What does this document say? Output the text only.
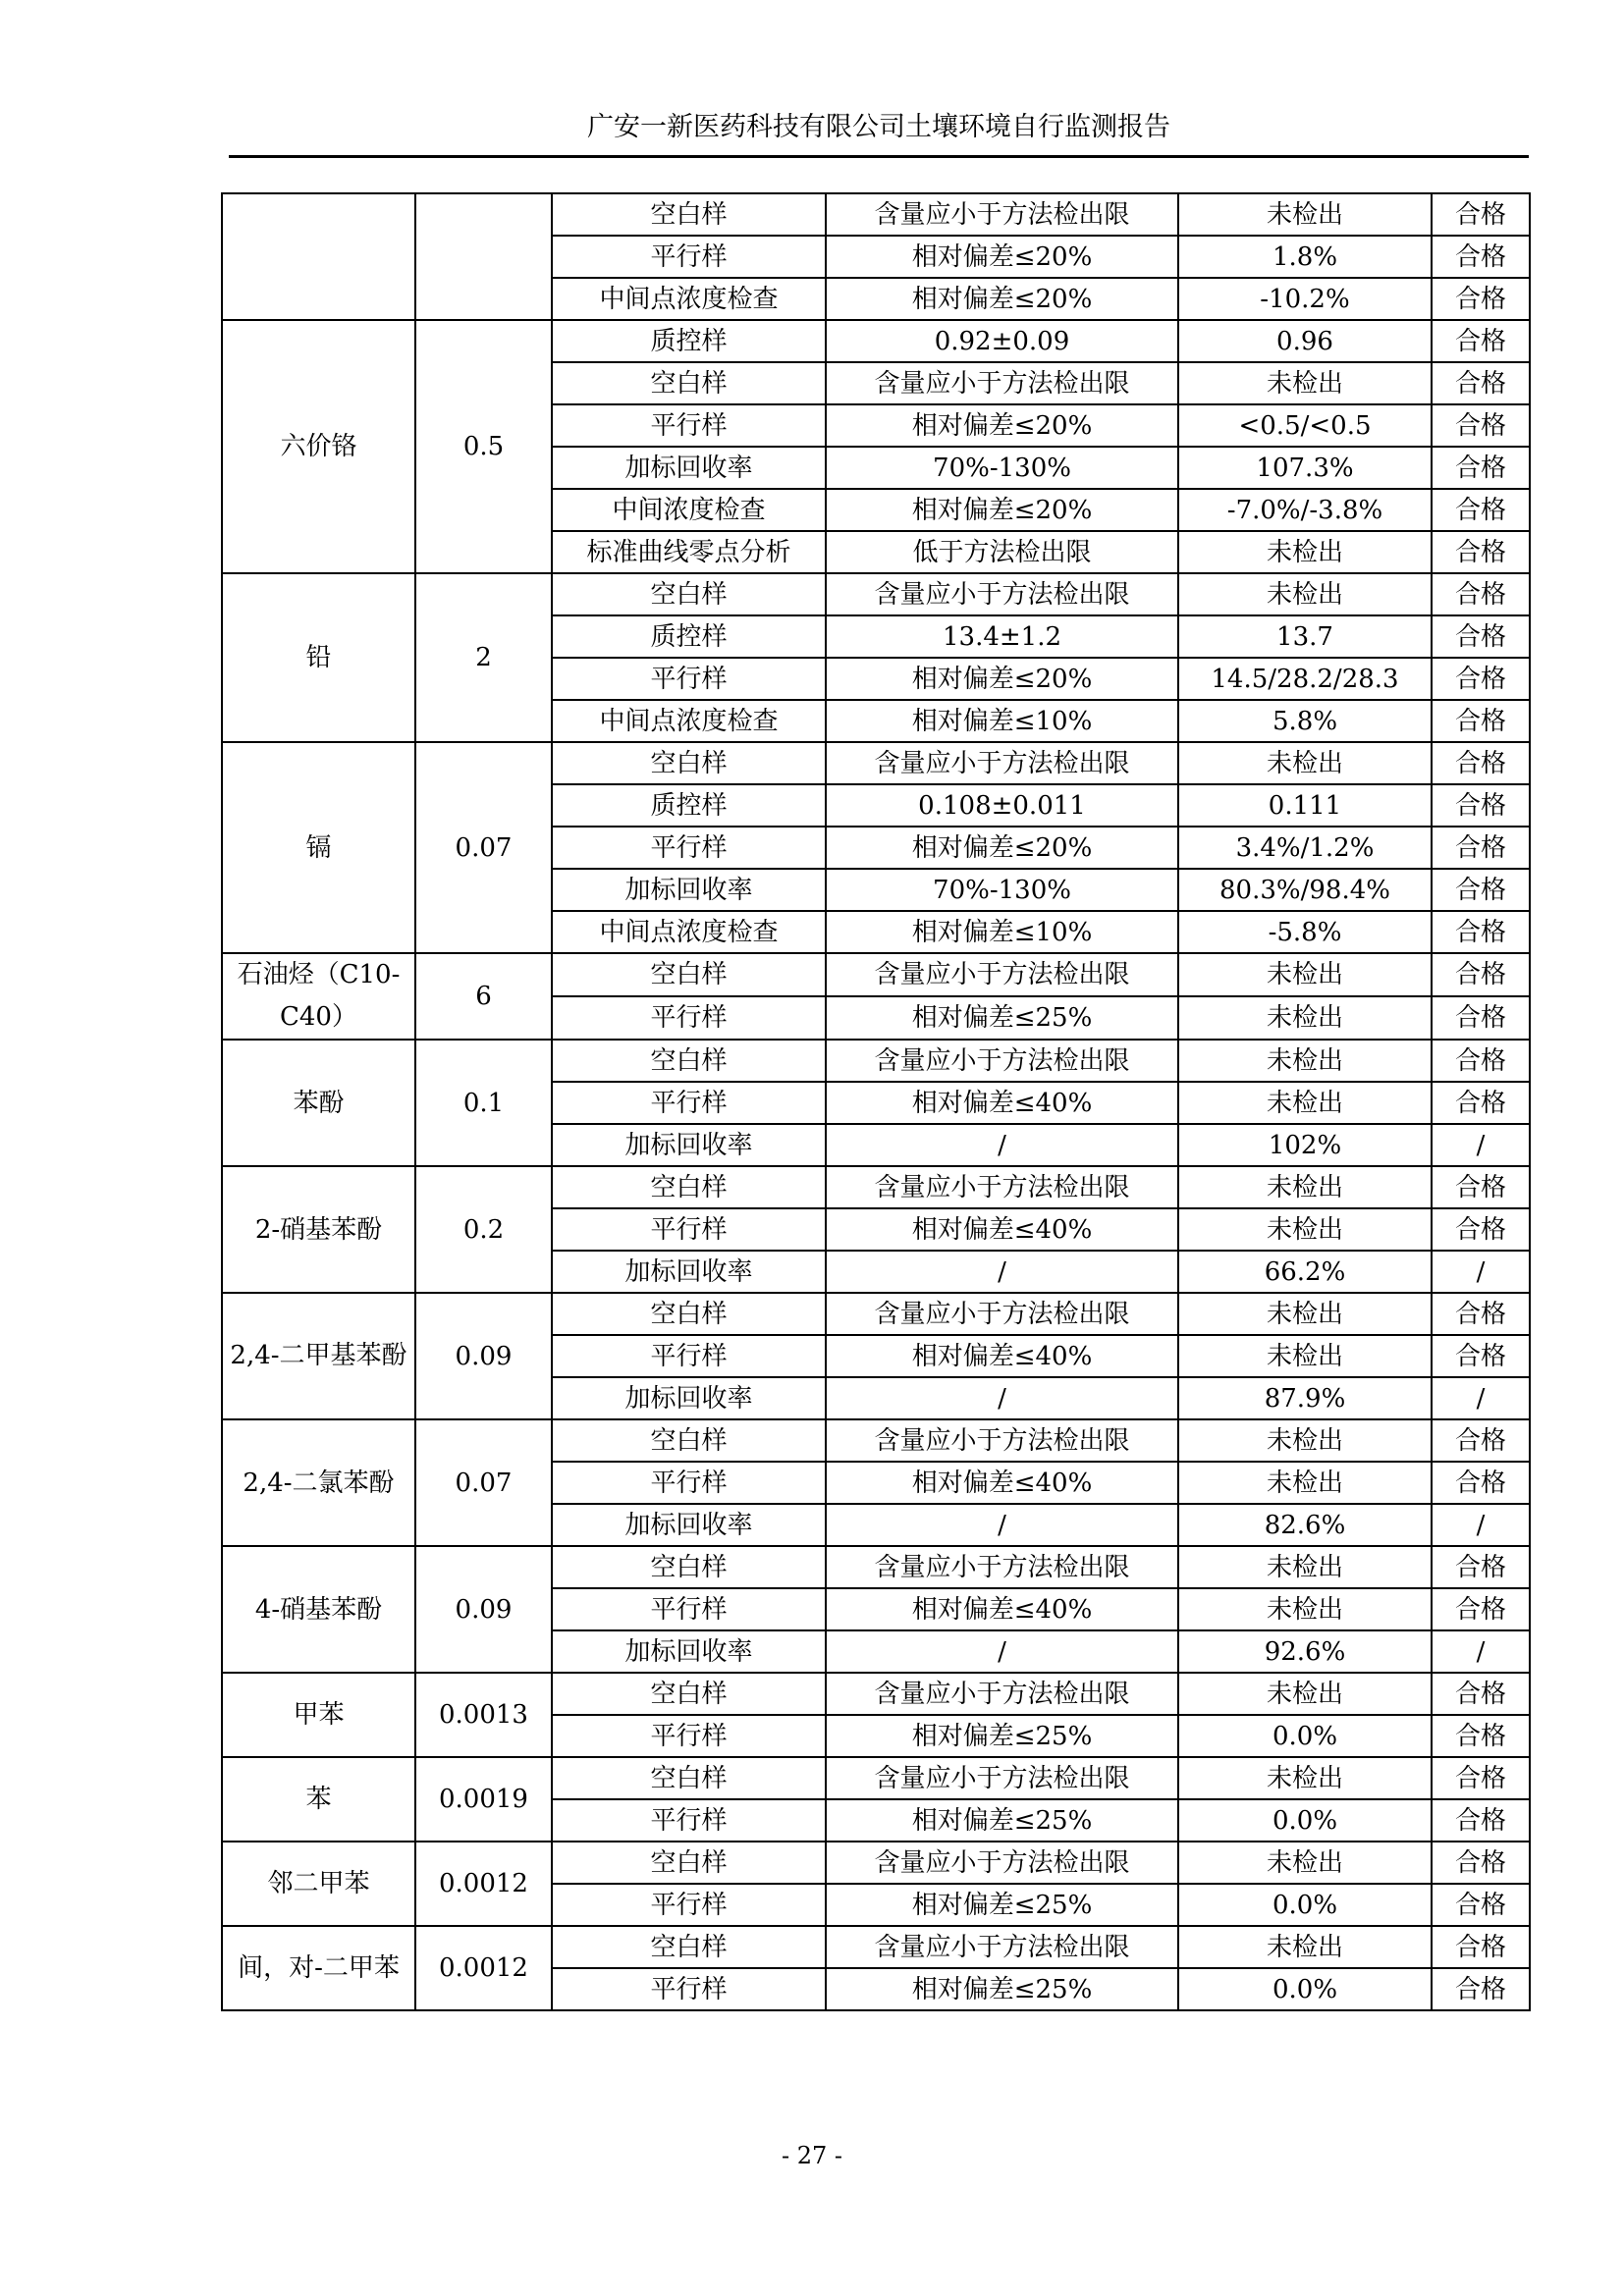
广安一新医药科技有限公司土壤环境自行监测报告
		空白样	含量应小于方法检出限	未检出	合格
		平行样	相对偏差≤20%	1.8%	合格
		中间点浓度检查	相对偏差≤20%	-10.2%	合格
六价铬	0.5	质控样	0.92±0.09	0.96	合格
		空白样	含量应小于方法检出限	未检出	合格
		平行样	相对偏差≤20%	<0.5/<0.5	合格
		加标回收率	70%-130%	107.3%	合格
		中间浓度检查	相对偏差≤20%	-7.0%/-3.8%	合格
		标准曲线零点分析	低于方法检出限	未检出	合格
铅	2	空白样	含量应小于方法检出限	未检出	合格
		质控样	13.4±1.2	13.7	合格
		平行样	相对偏差≤20%	14.5/28.2/28.3	合格
		中间点浓度检查	相对偏差≤10%	5.8%	合格
镉	0.07	空白样	含量应小于方法检出限	未检出	合格
		质控样	0.108±0.011	0.111	合格
		平行样	相对偏差≤20%	3.4%/1.2%	合格
		加标回收率	70%-130%	80.3%/98.4%	合格
		中间点浓度检查	相对偏差≤10%	-5.8%	合格
石油烃（C10-C40）	6	空白样	含量应小于方法检出限	未检出	合格
		平行样	相对偏差≤25%	未检出	合格
苯酚	0.1	空白样	含量应小于方法检出限	未检出	合格
		平行样	相对偏差≤40%	未检出	合格
		加标回收率	/	102%	/
2-硝基苯酚	0.2	空白样	含量应小于方法检出限	未检出	合格
		平行样	相对偏差≤40%	未检出	合格
		加标回收率	/	66.2%	/
2,4-二甲基苯酚	0.09	空白样	含量应小于方法检出限	未检出	合格
		平行样	相对偏差≤40%	未检出	合格
		加标回收率	/	87.9%	/
2,4-二氯苯酚	0.07	空白样	含量应小于方法检出限	未检出	合格
		平行样	相对偏差≤40%	未检出	合格
		加标回收率	/	82.6%	/
4-硝基苯酚	0.09	空白样	含量应小于方法检出限	未检出	合格
		平行样	相对偏差≤40%	未检出	合格
		加标回收率	/	92.6%	/
甲苯	0.0013	空白样	含量应小于方法检出限	未检出	合格
		平行样	相对偏差≤25%	0.0%	合格
苯	0.0019	空白样	含量应小于方法检出限	未检出	合格
		平行样	相对偏差≤25%	0.0%	合格
邻二甲苯	0.0012	空白样	含量应小于方法检出限	未检出	合格
		平行样	相对偏差≤25%	0.0%	合格
间，对-二甲苯	0.0012	空白样	含量应小于方法检出限	未检出	合格
		平行样	相对偏差≤25%	0.0%	合格
- 27 -
